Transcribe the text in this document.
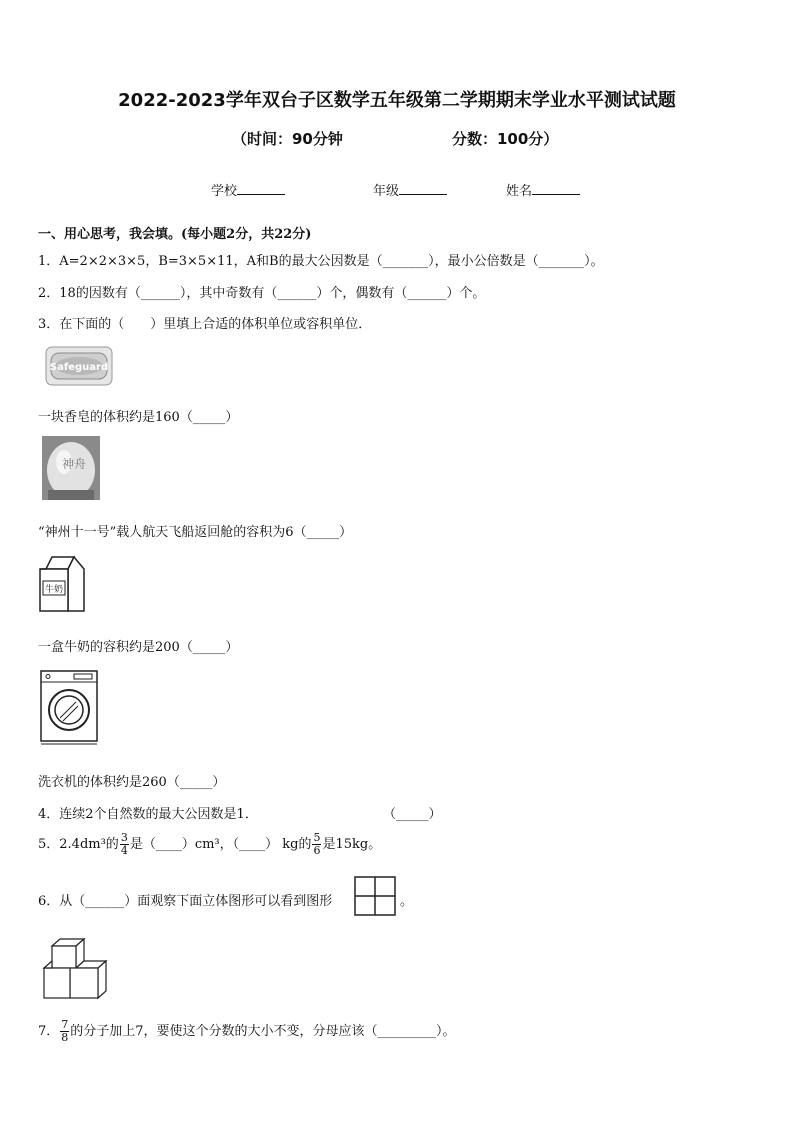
2022-2023学年双台子区数学五年级第二学期期末学业水平测试试题
（时间：90分钟	分数：100分）
学校	年级	姓名
一、用心思考，我会填。(每小题2分，共22分)
1．A=2×2×3×5，B=3×5×11，A和B的最大公因数是（_______），最小公倍数是（_______）。
2．18的因数有（______），其中奇数有（______）个，偶数有（______）个。
3．在下面的（　　）里填上合适的体积单位或容积单位．
Safeguard
一块香皂的体积约是160（_____）
神舟
“神州十一号”载人航天飞船返回舱的容积为6（_____）
牛奶
一盒牛奶的容积约是200（_____）
洗衣机的体积约是260（_____）
4．连续2个自然数的最大公因数是1．	（_____）
5．2.4dm³的 $\frac{3}{4}$ 是（____）cm³，（____） kg的 $\frac{5}{6}$ 是15kg。
6．从（______）面观察下面立体图形可以看到图形	。
7． $\frac{7}{8}$ 的分子加上7，要使这个分数的大小不变，分母应该（_________）。
